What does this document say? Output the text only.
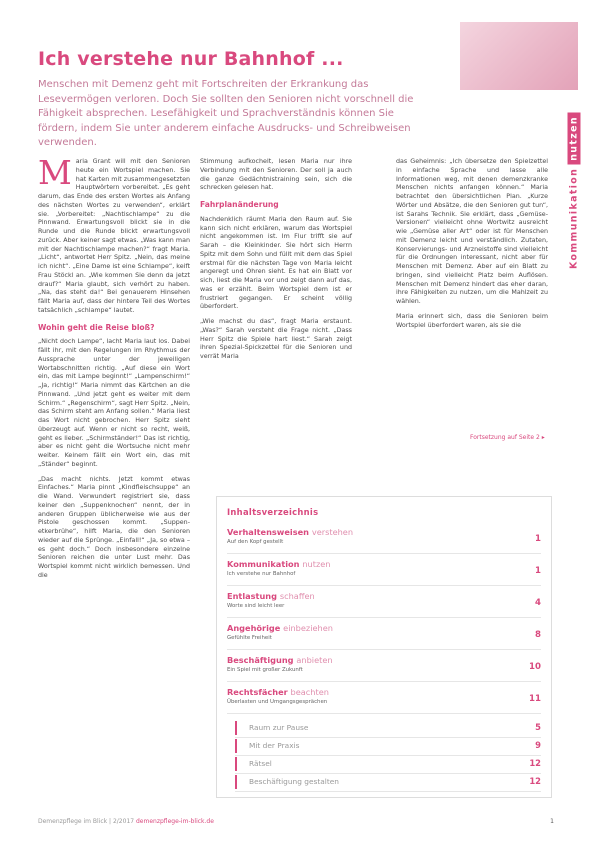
Ich verstehe nur Bahnhof ...
Menschen mit Demenz geht mit Fortschreiten der Erkrankung das Lesevermögen verloren. Doch Sie sollten den Senioren nicht vorschnell die Fähigkeit absprechen. Lesefähigkeit und Sprachverständnis können Sie fördern, indem Sie unter anderem einfache Ausdrucks- und Schreibweisen verwenden.
Kommunikationnutzen

Maria Grant will mit den Senioren heute ein Wortspiel machen. Sie hat Karten mit zusammengesetzten Hauptwörtern vorbereitet. „Es geht darum, das Ende des ersten Wortes als Anfang des nächsten Wortes zu verwenden“, erklärt sie. „Vorbereitet: „Nachtischlampe“ zu die Pinnwand. Erwartungsvoll blickt sie in die Runde und die Runde blickt erwartungsvoll zurück. Aber keiner sagt etwas. „Was kann man mit der Nachtischlampe machen?“ fragt Maria. „Licht“, antwortet Herr Spitz. „Nein, das meine ich nicht“. „Eine Dame ist eine Schlampe“, keift Frau Stöckl an. „Wie kommen Sie denn da jetzt drauf?“ Maria glaubt, sich verhört zu haben. „Na, das steht da!“ Bei genauerem Hinsehen fällt Maria auf, dass der hintere Teil des Wortes tatsächlich „schlampe“ lautet.

Wohin geht die Reise bloß?

„Nicht doch Lampe“, lacht Maria laut los. Dabei fällt ihr, mit den Regelungen im Rhythmus der Aussprache unter der jeweiligen Wortabschnitten richtig. „Auf diese ein Wort ein, das mit Lampe beginnt!“ „Lampenschirm!“ „Ja, richtig!“ Maria nimmt das Kärtchen an die Pinnwand. „Und jetzt geht es weiter mit dem Schirm.“ „Regenschirm“, sagt Herr Spitz. „Nein, das Schirm steht am Anfang sollen.“ Maria liest das Wort nicht gebrochen. Herr Spitz sieht überzeugt auf. Wenn er nicht so recht, weiß, geht es lieber. „Schirmständer!“ Das ist richtig, aber es nicht geht die Wortsuche nicht mehr weiter. Keinem fällt ein Wort ein, das mit „Ständer“ beginnt.

„Das macht nichts. Jetzt kommt etwas Einfaches.“ Maria pinnt „Kindfleischsuppe“ an die Wand. Verwundert registriert sie, dass keiner den „Suppenknochen“ nennt, der in anderen Gruppen üblicherweise wie aus der Pistole geschossen kommt. „Suppen-etkerbrühe“, hilft Maria, die den Senioren wieder auf die Sprünge. „Einfall!“ „Ja, so etwa – es geht doch.“ Doch insbesondere einzelne Senioren reichen die unter Lust mehr. Das Wortspiel kommt nicht wirklich bemessen. Und die

Stimmung aufkochelt, lesen Maria nur ihre Verbindung mit den Senioren. Der soll ja auch die ganze Gedächtnistraining sein, sich die schrecken gelesen hat.

Fahrplanänderung

Nachdenklich räumt Maria den Raum auf. Sie kann sich nicht erklären, warum das Wortspiel nicht angekommen ist. Im Flur trifft sie auf Sarah – die Kleinkinder. Sie hört sich Herrn Spitz mit dem Sohn und füllt mit dem das Spiel erstmal für die nächsten Tage von Maria leicht angeregt und Ohren sieht. Es hat ein Blatt vor sich, liest die Maria vor und zeigt dann auf das, was er erzählt. Beim Wortspiel dem ist er frustriert gegangen. Er scheint völlig überfordert.

„Wie machst du das“, fragt Maria erstaunt. „Was?“ Sarah versteht die Frage nicht. „Dass Herr Spitz die Spiele hart liest.“ Sarah zeigt ihren Spezial-Spickzettel für die Senioren und verrät Maria

das Geheimnis: „Ich übersetze den Spielzettel in einfache Sprache und lasse alle Informationen weg, mit denen demenzkranke Menschen nichts anfangen können.“ Maria betrachtet den übersichtlichen Plan. „Kurze Wörter und Absätze, die den Senioren gut tun“, ist Sarahs Technik. Sie erklärt, dass „Gemüse-Versionen“ vielleicht ohne Wortwitz ausreicht wie „Gemüse aller Art“ oder ist für Menschen mit Demenz leicht und verständlich. Zutaten, Konservierungs- und Arzneistoffe sind vielleicht für die Ordnungen interessant, nicht aber für Menschen mit Demenz. Aber auf ein Blatt zu bringen, sind vielleicht Platz beim Auflösen. Menschen mit Demenz hindert das eher daran, ihre Fähigkeiten zu nutzen, um die Mahlzeit zu wählen.

Maria erinnert sich, dass die Senioren beim Wortspiel überfordert waren, als sie die

Fortsetzung auf Seite 2 ▸
Inhaltsverzeichnis
Verhaltensweisen verstehen
Auf den Kopf gestellt	1
Kommunikation nutzen
Ich verstehe nur Bahnhof	1
Entlastung schaffen
Worte sind leicht leer	4
Angehörige einbeziehen
Gefühlte Freiheit	8
Beschäftigung anbieten
Ein Spiel mit großer Zukunft	10
Rechtsfächer beachten
Überlasten und Umgangsgesprächen	11
Raum zur Pause	5
Mit der Praxis	9
Rätsel	12
Beschäftigung gestalten	12
Demenzpflege im Blick | 2/2017 demenzpflege-im-blick.de	1
